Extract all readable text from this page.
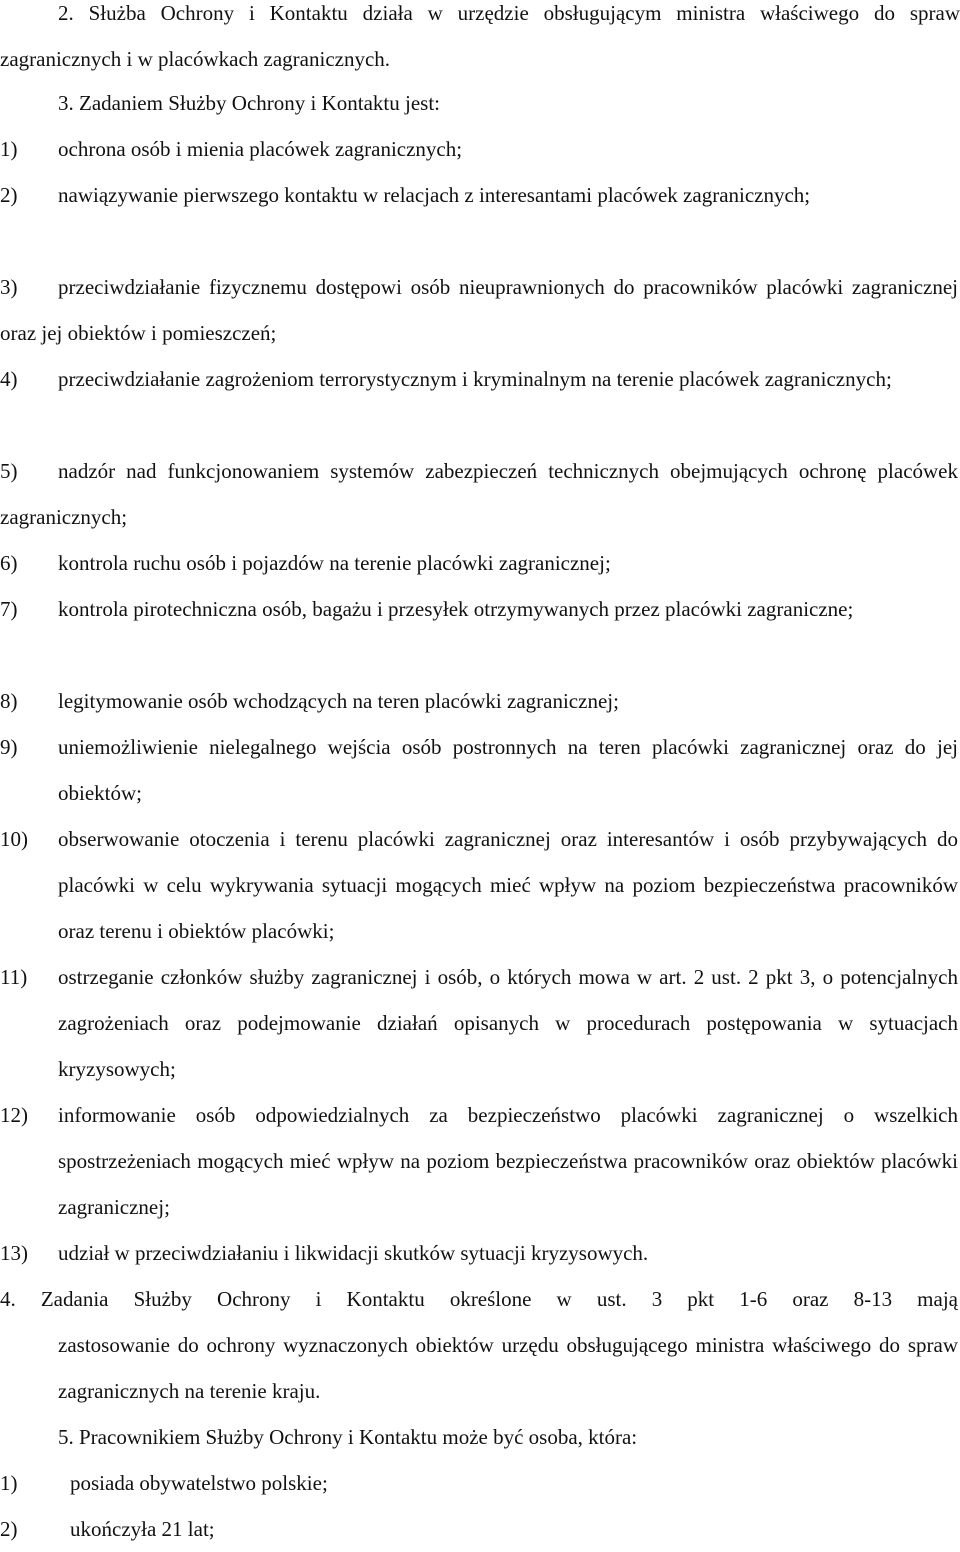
2. Służba Ochrony i Kontaktu działa w urzędzie obsługującym ministra właściwego do spraw zagranicznych i w placówkach zagranicznych.

3. Zadaniem Służby Ochrony i Kontaktu jest:

1)	ochrona osób i mienia placówek zagranicznych;

2)	nawiązywanie pierwszego kontaktu w relacjach z interesantami placówek zagranicznych;

3)	przeciwdziałanie fizycznemu dostępowi osób nieuprawnionych do pracowników placówki zagranicznej oraz jej obiektów i pomieszczeń;

4)	przeciwdziałanie zagrożeniom terrorystycznym i kryminalnym na terenie placówek zagranicznych;

5)	nadzór nad funkcjonowaniem systemów zabezpieczeń technicznych obejmujących ochronę placówek zagranicznych;

6)	kontrola ruchu osób i pojazdów na terenie placówki zagranicznej;

7)	kontrola pirotechniczna osób, bagażu i przesyłek otrzymywanych przez placówki zagraniczne;

8)	legitymowanie osób wchodzących na teren placówki zagranicznej;

9)	uniemożliwienie nielegalnego wejścia osób postronnych na teren placówki zagranicznej oraz do jej obiektów;

10)	obserwowanie otoczenia i terenu placówki zagranicznej oraz interesantów i osób przybywających do placówki w celu wykrywania sytuacji mogących mieć wpływ na poziom bezpieczeństwa pracowników oraz terenu i obiektów placówki;

11)	ostrzeganie członków służby zagranicznej i osób, o których mowa w art. 2 ust. 2 pkt 3, o potencjalnych zagrożeniach oraz podejmowanie działań opisanych w procedurach postępowania w sytuacjach kryzysowych;

12)	informowanie osób odpowiedzialnych za bezpieczeństwo placówki zagranicznej o wszelkich spostrzeżeniach mogących mieć wpływ na poziom bezpieczeństwa pracowników oraz obiektów placówki zagranicznej;

13)	udział w przeciwdziałaniu i likwidacji skutków sytuacji kryzysowych.

4. Zadania Służby Ochrony i Kontaktu określone w ust. 3 pkt 1-6 oraz 8-13 mają

zastosowanie do ochrony wyznaczonych obiektów urzędu obsługującego ministra właściwego do spraw zagranicznych na terenie kraju.

5. Pracownikiem Służby Ochrony i Kontaktu może być osoba, która:

1)	posiada obywatelstwo polskie;

2)	ukończyła 21 lat;
